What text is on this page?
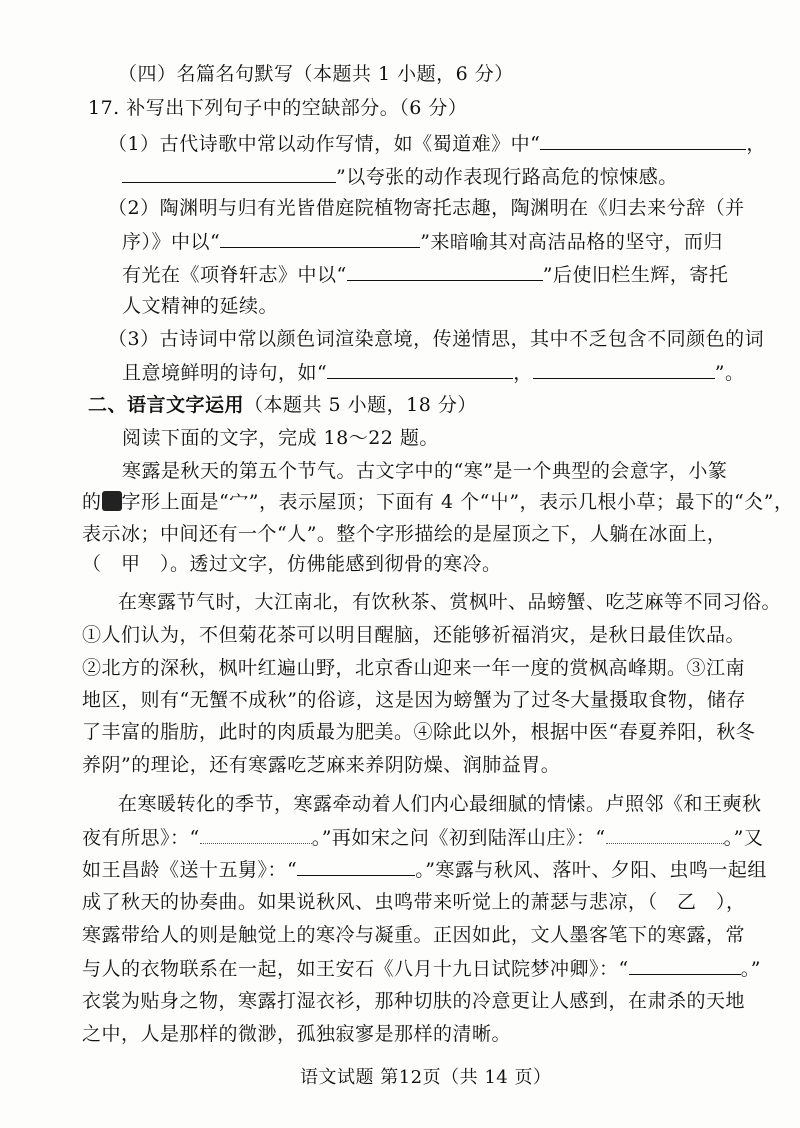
（四）名篇名句默写（本题共 1 小题，6 分）
17. 补写出下列句子中的空缺部分。（6 分）
（1）古代诗歌中常以动作写情，如《蜀道难》中“	，
”以夸张的动作表现行路高危的惊悚感。
（2）陶渊明与归有光皆借庭院植物寄托志趣，陶渊明在《归去来兮辞（并
序）》中以“	”来暗喻其对高洁品格的坚守，而归
有光在《项脊轩志》中以“	”后使旧栏生辉，寄托
人文精神的延续。
（3）古诗词中常以颜色词渲染意境，传递情思，其中不乏包含不同颜色的词
且意境鲜明的诗句，如“	，	”。
二、语言文字运用（本题共 5 小题，18 分）
阅读下面的文字，完成 18～22 题。
寒露是秋天的第五个节气。古文字中的“寒”是一个典型的会意字，小篆
的 字形上面是“宀”，表示屋顶；下面有 4 个“屮”，表示几根小草；最下的“仌”，
表示冰；中间还有一个“人”。整个字形描绘的是屋顶之下，人躺在冰面上，
（　甲　）。透过文字，仿佛能感到彻骨的寒冷。
在寒露节气时，大江南北，有饮秋茶、赏枫叶、品螃蟹、吃芝麻等不同习俗。
①人们认为，不但菊花茶可以明目醒脑，还能够祈福消灾，是秋日最佳饮品。
②北方的深秋，枫叶红遍山野，北京香山迎来一年一度的赏枫高峰期。③江南
地区，则有“无蟹不成秋”的俗谚，这是因为螃蟹为了过冬大量摄取食物，储存
了丰富的脂肪，此时的肉质最为肥美。④除此以外，根据中医“春夏养阳，秋冬
养阴”的理论，还有寒露吃芝麻来养阴防燥、润肺益胃。
在寒暖转化的季节，寒露牵动着人们内心最细腻的情愫。卢照邻《和王奭秋
夜有所思》：“	。”再如宋之问《初到陆浑山庄》：“	。”又
如王昌龄《送十五舅》：“	。”寒露与秋风、落叶、夕阳、虫鸣一起组
成了秋天的协奏曲。如果说秋风、虫鸣带来听觉上的萧瑟与悲凉，（　乙　），
寒露带给人的则是触觉上的寒冷与凝重。正因如此，文人墨客笔下的寒露，常
与人的衣物联系在一起，如王安石《八月十九日试院梦冲卿》：“	。”
衣裳为贴身之物，寒露打湿衣衫，那种切肤的冷意更让人感到，在肃杀的天地
之中，人是那样的微渺，孤独寂寥是那样的清晰。
语文试题 第12页（共 14 页）
